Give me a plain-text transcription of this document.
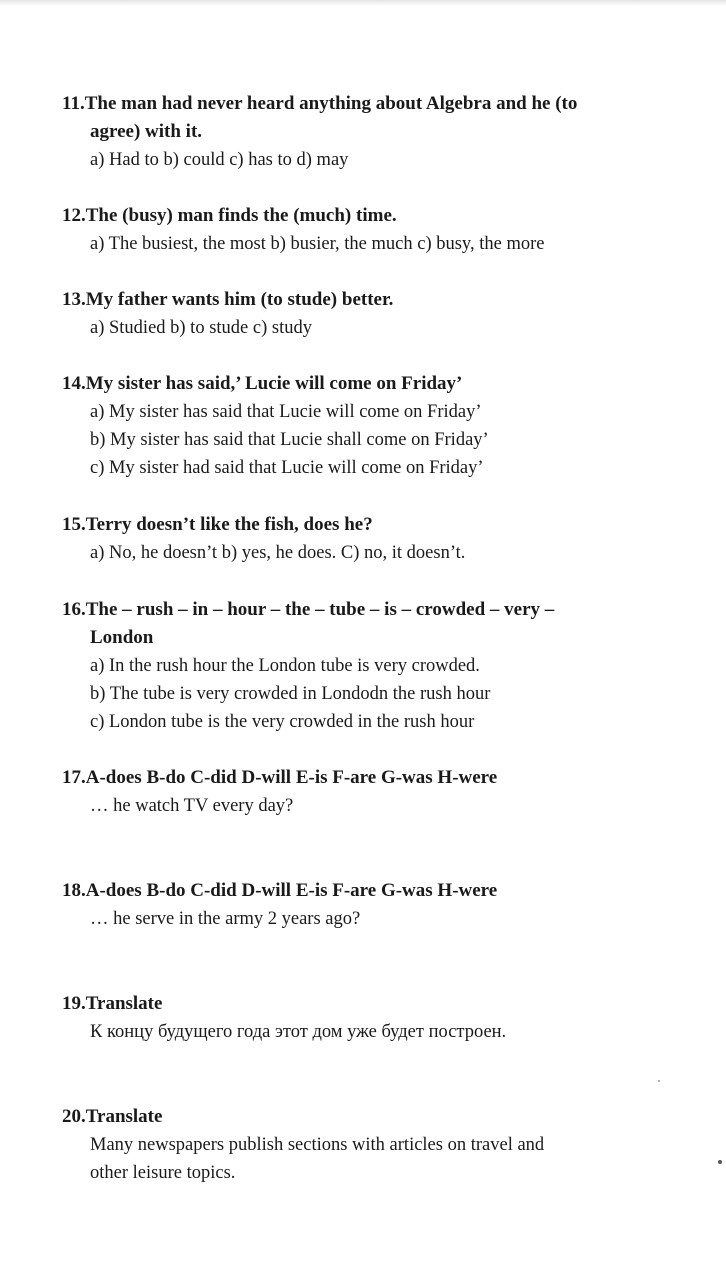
11.The man had never heard anything about Algebra and he (to
agree) with it.
a) Had to b) could c) has to d) may
12.The (busy) man finds the (much) time.
a) The busiest, the most b) busier, the much c) busy, the more
13.My father wants him (to stude) better.
a) Studied b) to stude c) study
14.My sister has said,’ Lucie will come on Friday’
a) My sister has said that Lucie will come on Friday’
b) My sister has said that Lucie shall come on Friday’
c) My sister had said that Lucie will come on Friday’
15.Terry doesn’t like the fish, does he?
a) No, he doesn’t b) yes, he does. C) no, it doesn’t.
16.The – rush – in – hour – the – tube – is – crowded – very –
London
a) In the rush hour the London tube is very crowded.
b) The tube is very crowded in Londodn the rush hour
c) London tube is the very crowded in the rush hour
17.A-does B-do C-did D-will E-is F-are G-was H-were
… he watch TV every day?
18.A-does B-do C-did D-will E-is F-are G-was H-were
… he serve in the army 2 years ago?
19.Translate
К концу будущего года этот дом уже будет построен.
20.Translate
Many newspapers publish sections with articles on travel and
other leisure topics.
